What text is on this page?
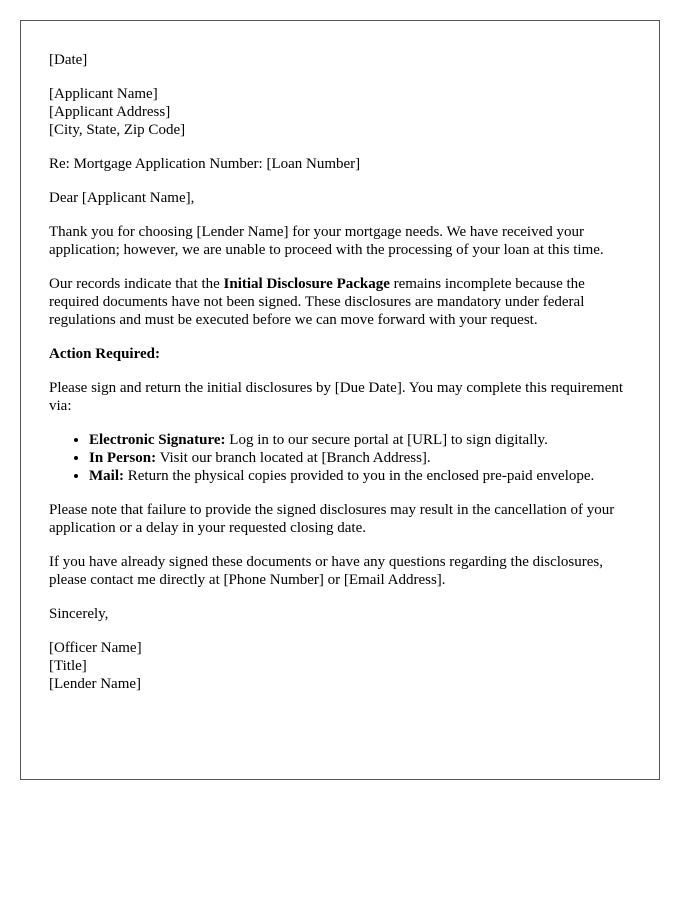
[Date]

[Applicant Name]
[Applicant Address]
[City, State, Zip Code]

Re: Mortgage Application Number: [Loan Number]

Dear [Applicant Name],

Thank you for choosing [Lender Name] for your mortgage needs. We have received your application; however, we are unable to proceed with the processing of your loan at this time.

Our records indicate that the Initial Disclosure Package remains incomplete because the required documents have not been signed. These disclosures are mandatory under federal regulations and must be executed before we can move forward with your request.

Action Required:

Please sign and return the initial disclosures by [Due Date]. You may complete this requirement via:

• Electronic Signature: Log in to our secure portal at [URL] to sign digitally.
• In Person: Visit our branch located at [Branch Address].
• Mail: Return the physical copies provided to you in the enclosed pre-paid envelope.

Please note that failure to provide the signed disclosures may result in the cancellation of your application or a delay in your requested closing date.

If you have already signed these documents or have any questions regarding the disclosures, please contact me directly at [Phone Number] or [Email Address].

Sincerely,

[Officer Name]
[Title]
[Lender Name]
